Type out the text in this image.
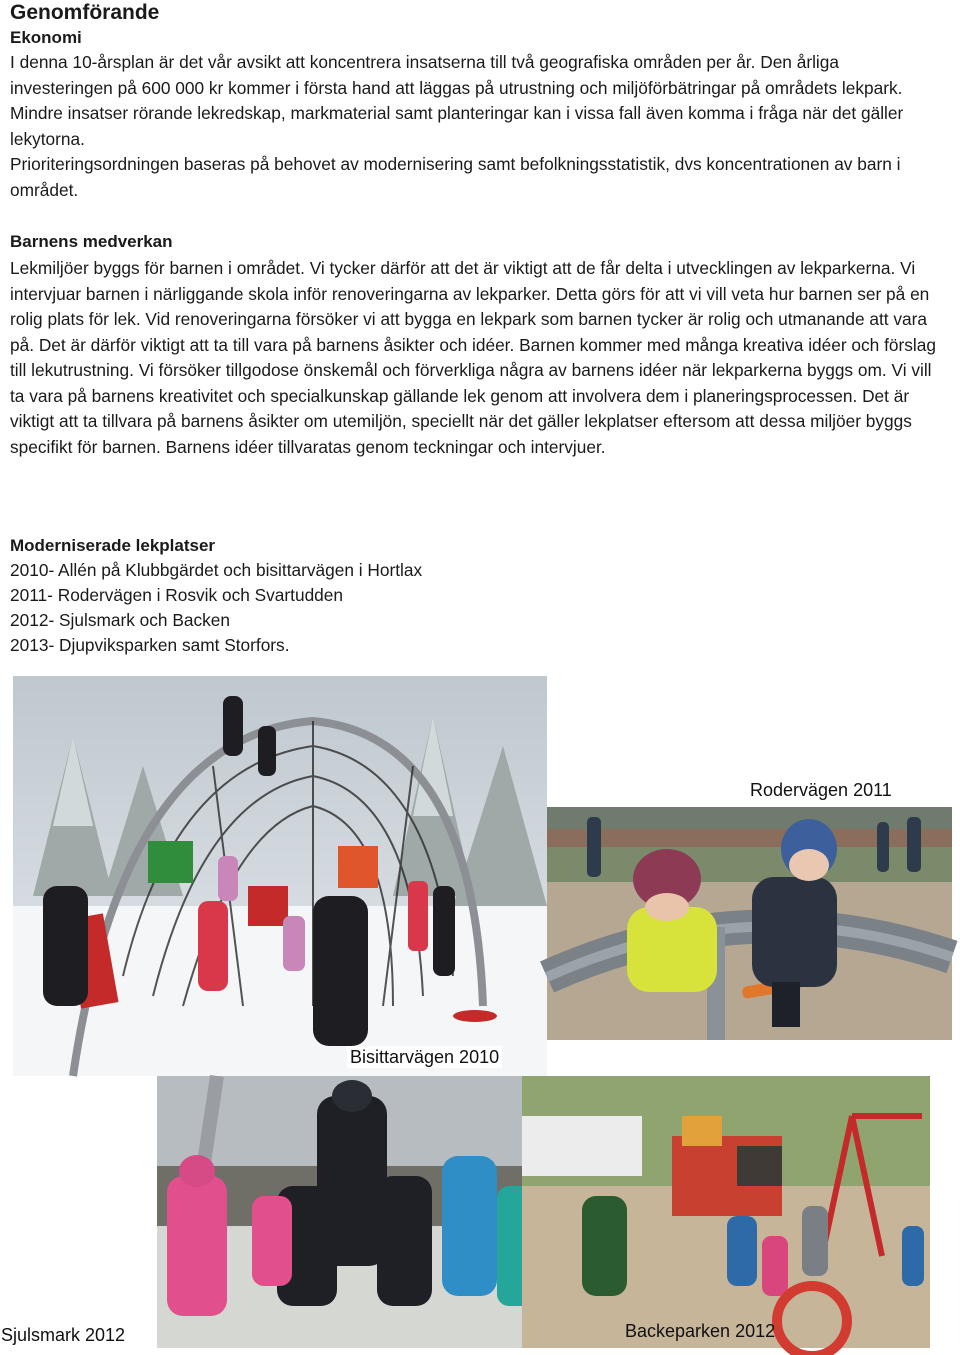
Genomförande
Ekonomi

I denna 10-årsplan är det vår avsikt att koncentrera insatserna till två geografiska områden per år. Den årliga investeringen på 600 000 kr kommer i första hand att läggas på utrustning och miljöförbätringar på områdets lekpark. Mindre insatser rörande lekredskap, markmaterial samt planteringar kan i vissa fall även komma i fråga när det gäller lekytorna.

Prioriteringsordningen baseras på behovet av modernisering samt befolkningsstatistik, dvs koncentrationen av barn i området.

Barnens medverkan

Lekmiljöer byggs för barnen i området. Vi tycker därför att det är viktigt att de får delta i utvecklingen av lekparkerna. Vi intervjuar barnen i närliggande skola inför renoveringarna av lekparker. Detta görs för att vi vill veta hur barnen ser på en rolig plats för lek. Vid renoveringarna försöker vi att bygga en lekpark som barnen tycker är rolig och utmanande att vara på. Det är därför viktigt att ta till vara på barnens åsikter och idéer. Barnen kommer med många kreativa idéer och förslag till lekutrustning. Vi försöker tillgodose önskemål och förverkliga några av barnens idéer när lekparkerna byggs om. Vi vill ta vara på barnens kreativitet och specialkunskap gällande lek genom att involvera dem i planeringsprocessen. Det är viktigt att ta tillvara på barnens åsikter om utemiljön, speciellt när det gäller lekplatser eftersom att dessa miljöer byggs specifikt för barnen. Barnens idéer tillvaratas genom teckningar och intervjuer.

Moderniserade lekplatser

2010- Allén på Klubbgärdet och bisittarvägen i Hortlax

2011- Rodervägen i Rosvik och Svartudden

2012- Sjulsmark och Backen

2013- Djupviksparken samt Storfors.

Bisittarvägen 2010
Rodervägen 2011
Sjulsmark 2012	Backeparken 2012
